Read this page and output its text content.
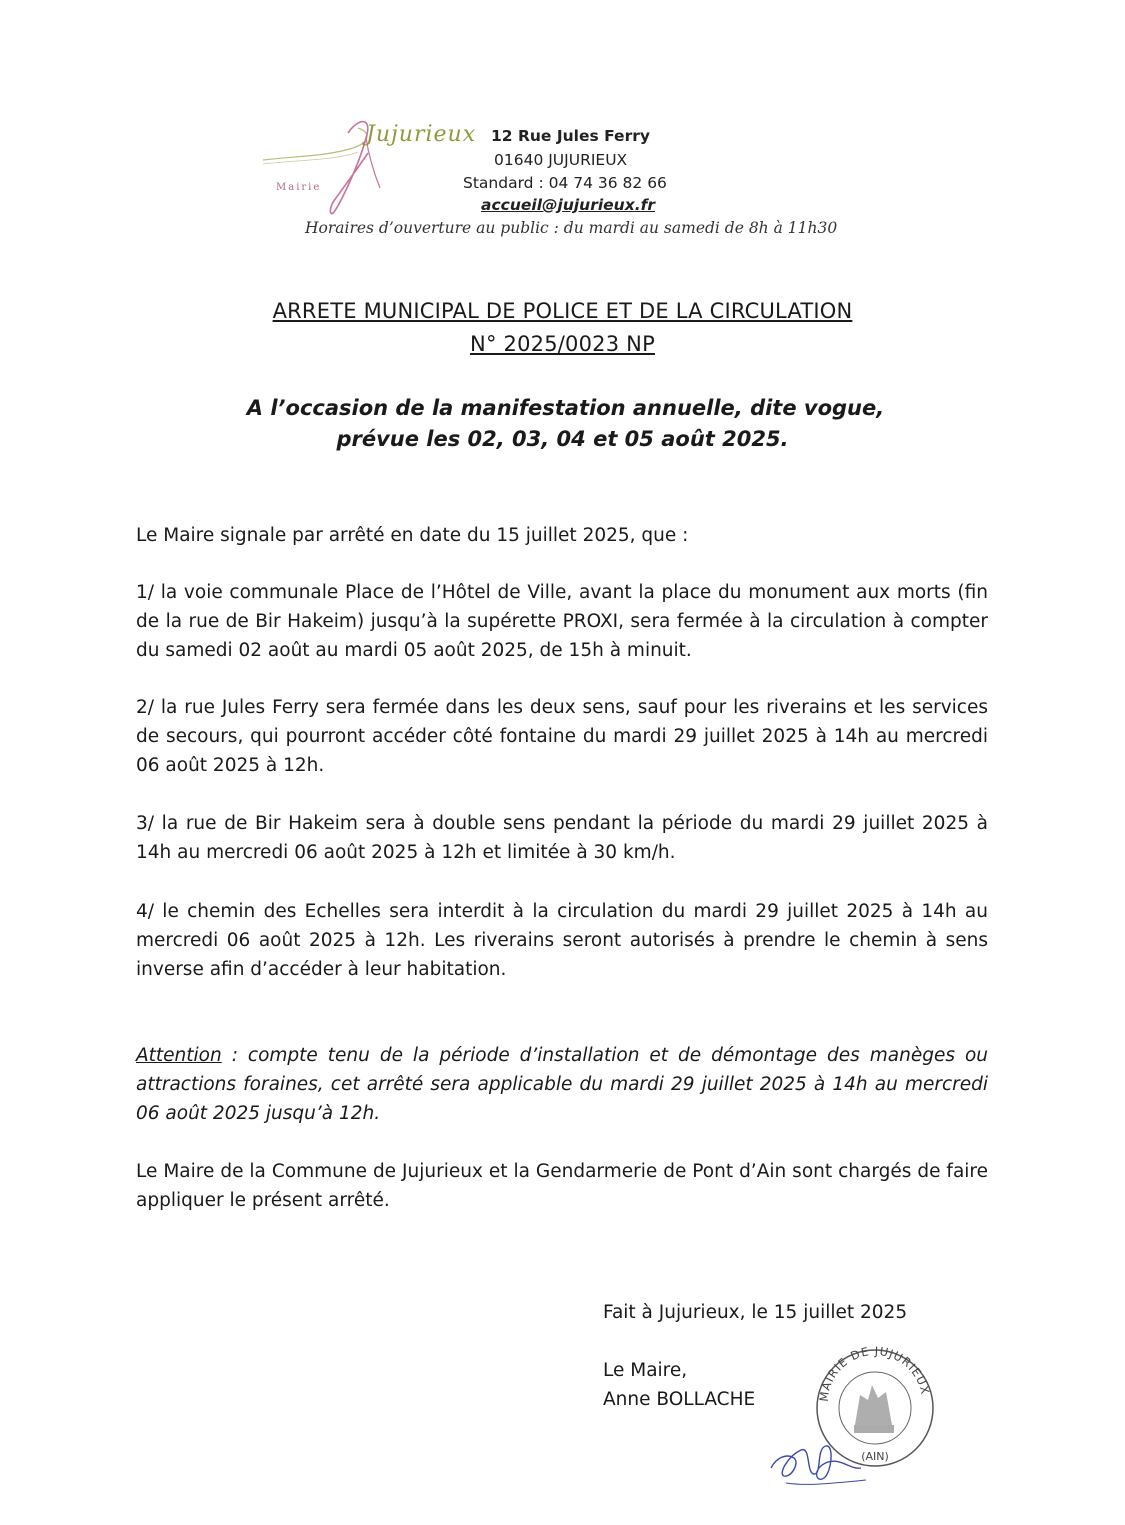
Mairie
Jujurieux 12 Rue Jules Ferry
01640 JUJURIEUX
Standard : 04 74 36 82 66
accueil@jujurieux.fr
Horaires d’ouverture au public : du mardi au samedi de 8h à 11h30
ARRETE MUNICIPAL DE POLICE ET DE LA CIRCULATION
N° 2025/0023 NP
A l’occasion de la manifestation annuelle, dite vogue,
prévue les 02, 03, 04 et 05 août 2025.
Le Maire signale par arrêté en date du 15 juillet 2025, que :
1/ la voie communale Place de l’Hôtel de Ville, avant la place du monument aux morts (fin de la rue de Bir Hakeim) jusqu’à la supérette PROXI, sera fermée à la circulation à compter du samedi 02 août au mardi 05 août 2025, de 15h à minuit.
2/ la rue Jules Ferry sera fermée dans les deux sens, sauf pour les riverains et les services de secours, qui pourront accéder côté fontaine du mardi 29 juillet 2025 à 14h au mercredi 06 août 2025 à 12h.
3/ la rue de Bir Hakeim sera à double sens pendant la période du mardi 29 juillet 2025 à 14h au mercredi 06 août 2025 à 12h et limitée à 30 km/h.
4/ le chemin des Echelles sera interdit à la circulation du mardi 29 juillet 2025 à 14h au mercredi 06 août 2025 à 12h. Les riverains seront autorisés à prendre le chemin à sens inverse afin d’accéder à leur habitation.
Attention : compte tenu de la période d’installation et de démontage des manèges ou attractions foraines, cet arrêté sera applicable du mardi 29 juillet 2025 à 14h au mercredi 06 août 2025 jusqu’à 12h.
Le Maire de la Commune de Jujurieux et la Gendarmerie de Pont d’Ain sont chargés de faire appliquer le présent arrêté.
Fait à Jujurieux, le 15 juillet 2025
Le Maire,
Anne BOLLACHE	MAIRIE DE JUJURIEUX
(AIN)
